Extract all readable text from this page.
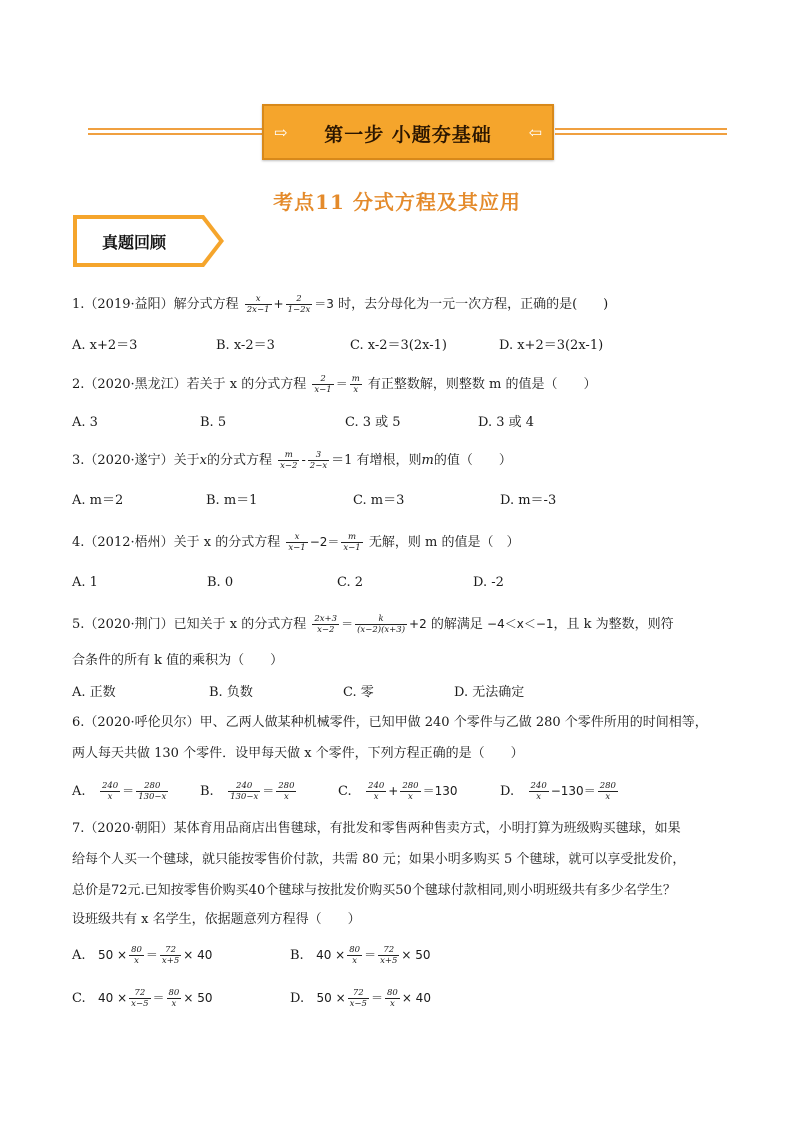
⇨	第一步 小题夯基础	⇦
考点11 分式方程及其应用
真题回顾
1.（2019·益阳）解分式方程 $\frac{x}{2x-1} + \frac{2}{1-2x} =3$ 时，去分母化为一元一次方程，正确的是(　　)
A. x+2＝3	B. x-2＝3	C. x-2＝3(2x-1)	D. x+2＝3(2x-1)
2.（2020·黑龙江）若关于 x 的分式方程 $\frac{2}{x-1} = \frac{m}{x}$ 有正整数解，则整数 m 的值是（　　）
A. 3	B. 5	C. 3 或 5	D. 3 或 4
3.（2020·遂宁）关于x的分式方程 $\frac{m}{x-2} - \frac{3}{2-x} =1$ 有增根，则m的值（　　）
A. m＝2	B. m＝1	C. m＝3	D. m＝-3
4.（2012·梧州）关于 x 的分式方程 $\frac{x}{x-1} -2= \frac{m}{x-1}$ 无解，则 m 的值是（　）
A. 1	B. 0	C. 2	D. -2
5.（2020·荆门）已知关于 x 的分式方程 $\frac{2x+3}{x-2} = \frac{k}{(x-2)(x+3)} +2$ 的解满足 −4＜x＜−1，且 k 为整数，则符
合条件的所有 k 值的乘积为（　　）
A. 正数	B. 负数	C. 零	D. 无法确定
6.（2020·呼伦贝尔）甲、乙两人做某种机械零件，已知甲做 240 个零件与乙做 280 个零件所用的时间相等，
两人每天共做 130 个零件．设甲每天做 x 个零件，下列方程正确的是（　　）
A. $\frac{240}{x} = \frac{280}{130-x} B$. $\frac{240}{130-x} = \frac{280}{x}$	C. $\frac{240}{x} + \frac{280}{x} =130$	D. $\frac{240}{x} -130= \frac{280}{x}$
7.（2020·朝阳）某体育用品商店出售毽球，有批发和零售两种售卖方式，小明打算为班级购买毽球，如果
给每个人买一个毽球，就只能按零售价付款，共需 80 元；如果小明多购买 5 个毽球，就可以享受批发价，
总价是72元.已知按零售价购买40个毽球与按批发价购买50个毽球付款相同,则小明班级共有多少名学生？
设班级共有 x 名学生，依据题意列方程得（　　）
A. $50 \times \frac{80}{x} = \frac{72}{x+5} \times 40$	B. $40 \times \frac{80}{x} = \frac{72}{x+5} \times 50$
C. $40 \times \frac{72}{x-5} = \frac{80}{x} \times 50$	D. $50 \times \frac{72}{x-5} = \frac{80}{x} \times 40$
